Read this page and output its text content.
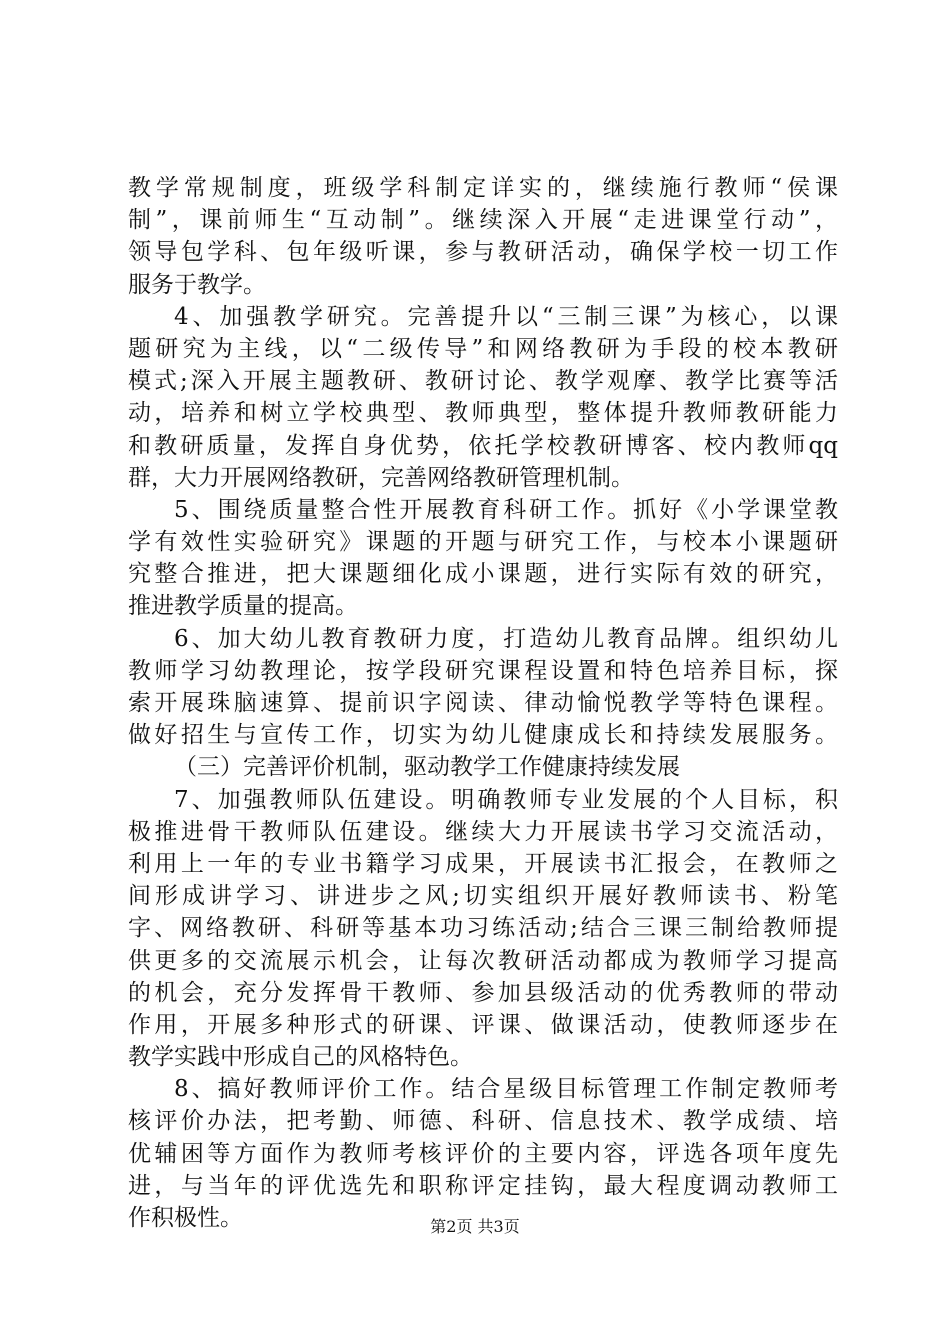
教学常规制度，班级学科制定详实的，继续施行教师“侯课
制”，课前师生“互动制”。继续深入开展“走进课堂行动”，
领导包学科、包年级听课，参与教研活动，确保学校一切工作
服务于教学。
4、加强教学研究。完善提升以“三制三课”为核心，以课
题研究为主线，以“二级传导”和网络教研为手段的校本教研
模式;深入开展主题教研、教研讨论、教学观摩、教学比赛等活
动，培养和树立学校典型、教师典型，整体提升教师教研能力
和教研质量，发挥自身优势，依托学校教研博客、校内教师qq
群，大力开展网络教研，完善网络教研管理机制。
5、围绕质量整合性开展教育科研工作。抓好《小学课堂教
学有效性实验研究》课题的开题与研究工作，与校本小课题研
究整合推进，把大课题细化成小课题，进行实际有效的研究，
推进教学质量的提高。
6、加大幼儿教育教研力度，打造幼儿教育品牌。组织幼儿
教师学习幼教理论，按学段研究课程设置和特色培养目标，探
索开展珠脑速算、提前识字阅读、律动愉悦教学等特色课程。
做好招生与宣传工作，切实为幼儿健康成长和持续发展服务。
（三）完善评价机制，驱动教学工作健康持续发展
7、加强教师队伍建设。明确教师专业发展的个人目标，积
极推进骨干教师队伍建设。继续大力开展读书学习交流活动，
利用上一年的专业书籍学习成果，开展读书汇报会，在教师之
间形成讲学习、讲进步之风;切实组织开展好教师读书、粉笔
字、网络教研、科研等基本功习练活动;结合三课三制给教师提
供更多的交流展示机会，让每次教研活动都成为教师学习提高
的机会，充分发挥骨干教师、参加县级活动的优秀教师的带动
作用，开展多种形式的研课、评课、做课活动，使教师逐步在
教学实践中形成自己的风格特色。
8、搞好教师评价工作。结合星级目标管理工作制定教师考
核评价办法，把考勤、师德、科研、信息技术、教学成绩、培
优辅困等方面作为教师考核评价的主要内容，评选各项年度先
进，与当年的评优选先和职称评定挂钩，最大程度调动教师工
作积极性。	第2页 共3页
